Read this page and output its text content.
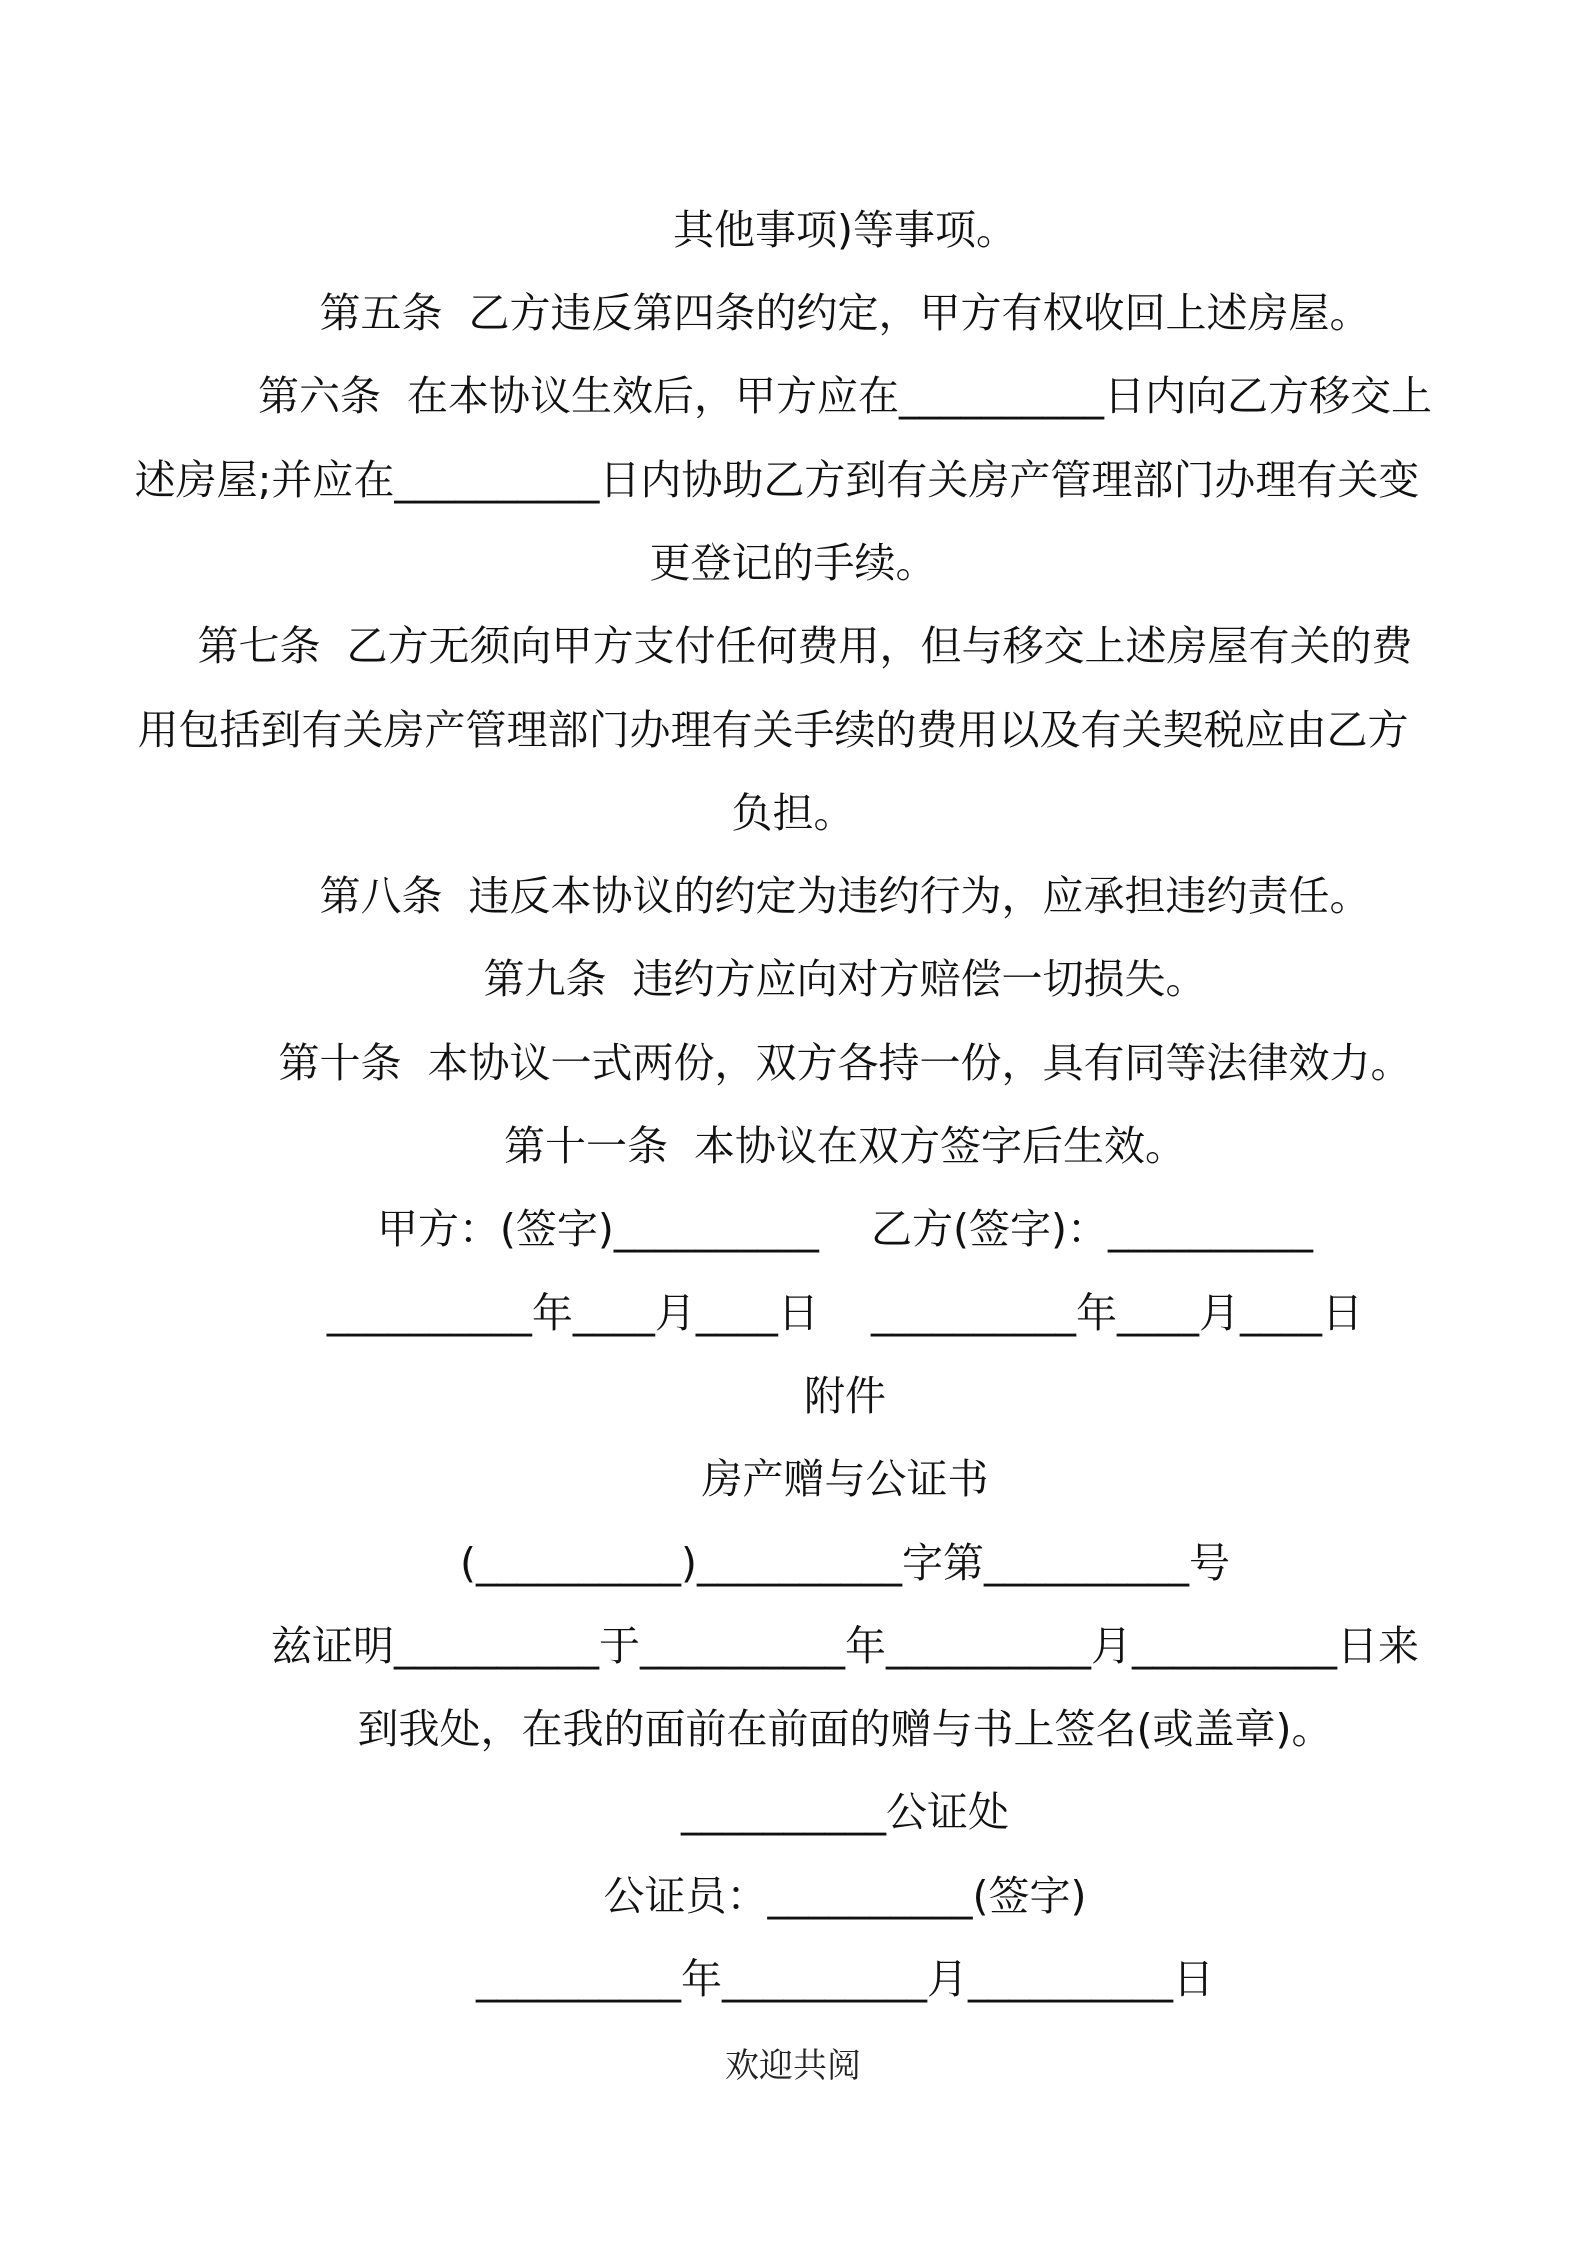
其他事项)等事项。
第五条  乙方违反第四条的约定，甲方有权收回上述房屋。
第六条  在本协议生效后，甲方应在__________日内向乙方移交上
述房屋;并应在__________日内协助乙方到有关房产管理部门办理有关变
更登记的手续。
第七条  乙方无须向甲方支付任何费用，但与移交上述房屋有关的费
用包括到有关房产管理部门办理有关手续的费用以及有关契税应由乙方
负担。
第八条  违反本协议的约定为违约行为，应承担违约责任。
第九条  违约方应向对方赔偿一切损失。
第十条  本协议一式两份，双方各持一份，具有同等法律效力。
第十一条  本协议在双方签字后生效。
甲方：(签字)__________    乙方(签字)：__________
__________年____月____日    __________年____月____日
附件
房产赠与公证书
(__________)__________字第__________号
兹证明__________于__________年__________月__________日来
到我处，在我的面前在前面的赠与书上签名(或盖章)。
__________公证处
公证员：__________(签字)
__________年__________月__________日
欢迎共阅
